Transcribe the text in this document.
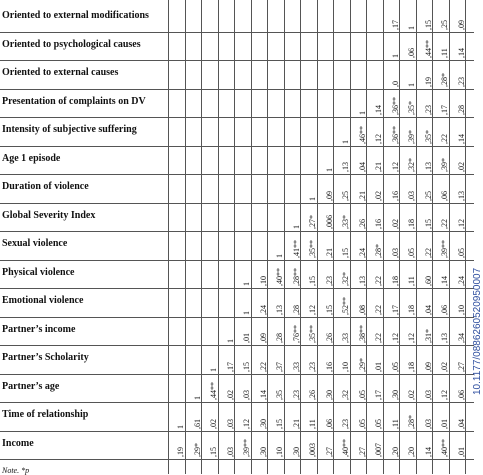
Oriented to external modifications
,17 1 ,15 ,25 ,09
Oriented to psychological causes
1 ,06 ,44** ,11 ,14
Oriented to external causes
,0 1 ,19 ,28* ,23
Presentation of complaints on DV
1 ,14 ,36** ,35* ,23 ,17 ,28
Intensity of subjective suffering
1 ,46** ,12 ,36** ,39* ,35* ,22 ,14
Age 1 episode
1 ,13 ,04 ,21 ,12 ,32* ,13 ,39* ,02
Duration of violence
1 ,09 ,25 ,21 ,02 ,16 ,03 ,25 ,06 ,13
Global Severity Index
1 ,27* ,006 ,33* ,26 ,16 ,02 ,18 ,15 ,22 ,12
Sexual violence
1 ,41** ,35** ,21 ,15 ,24 ,28* ,03 ,05 ,22 ,39** ,05
Physical violence
1 ,10 ,40** ,28** ,15 ,23 ,32* ,13 ,22 ,18 ,11 ,60 ,14 ,24
Emotional violence
1 ,24 ,13 ,28 ,12 ,15 ,52** ,08 ,22 ,17 ,18 ,04 ,06 ,10
Partner’s income
1 ,01 ,09 ,28 ,76** ,35** ,26 ,33 ,38** ,22 ,12 ,12 ,31* ,13 ,34
Partner’s Scholarity
1 ,17 ,15 ,22 ,37 ,33 ,23 ,16 ,10 ,29* ,01 ,05 ,18 ,09 ,02 ,27
Partner’s age
1 ,44** ,02 ,03 ,14 ,35 ,23 ,26 ,30 ,32 ,05 ,17 ,30 ,02 ,03 ,12 ,06
Time of relationship
1 ,61 ,02 ,03 ,12 ,30 ,15 ,21 ,11 ,06 ,23 ,05 ,05 ,11 ,28* ,03 ,01 ,04
Income
,19 ,29* ,15 ,03 ,39** ,30 ,10 ,30 ,003 ,27 ,40** ,27 ,007 ,20 ,20 ,14 ,40** ,01
10.1177/0886260520950007
Note. *p
